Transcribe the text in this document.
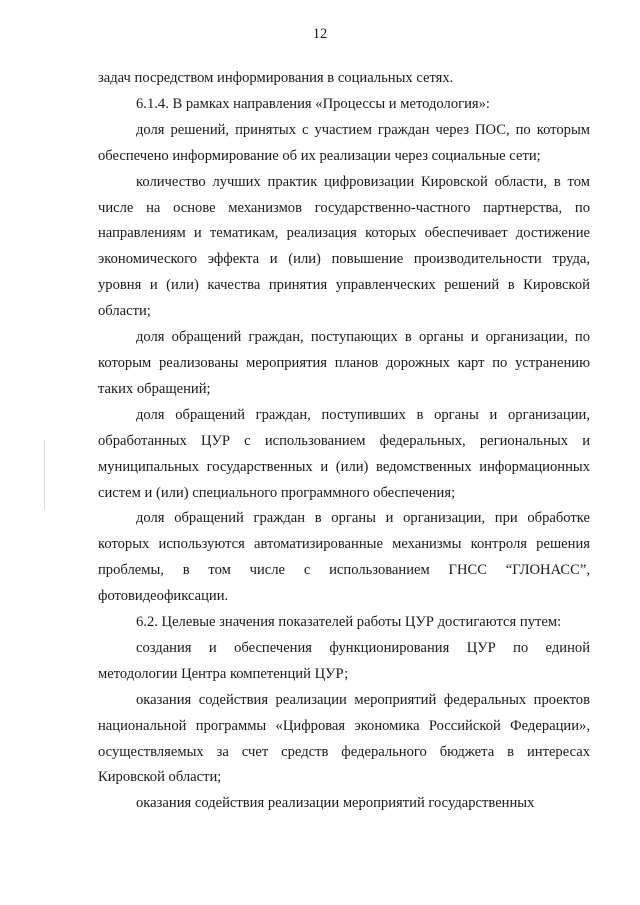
12

задач посредством информирования в социальных сетях.

6.1.4. В рамках направления «Процессы и методология»:

доля решений, принятых с участием граждан через ПОС, по которым обеспечено информирование об их реализации через социальные сети;

количество лучших практик цифровизации Кировской области, в том числе на основе механизмов государственно-частного партнерства, по направлениям и тематикам, реализация которых обеспечивает достижение экономического эффекта и (или) повышение производительности труда, уровня и (или) качества принятия управленческих решений в Кировской области;

доля обращений граждан, поступающих в органы и организации, по которым реализованы мероприятия планов дорожных карт по устранению таких обращений;

доля обращений граждан, поступивших в органы и организации, обработанных ЦУР с использованием федеральных, региональных и муниципальных государственных и (или) ведомственных информационных систем и (или) специального программного обеспечения;

доля обращений граждан в органы и организации, при обработке которых используются автоматизированные механизмы контроля решения проблемы, в том числе с использованием ГНСС “ГЛОНАСС”, фотовидеофиксации.

6.2. Целевые значения показателей работы ЦУР достигаются путем:

создания и обеспечения функционирования ЦУР по единой методологии Центра компетенций ЦУР;

оказания содействия реализации мероприятий федеральных проектов национальной программы «Цифровая экономика Российской Федерации», осуществляемых за счет средств федерального бюджета в интересах Кировской области;

оказания содействия реализации мероприятий государственных
